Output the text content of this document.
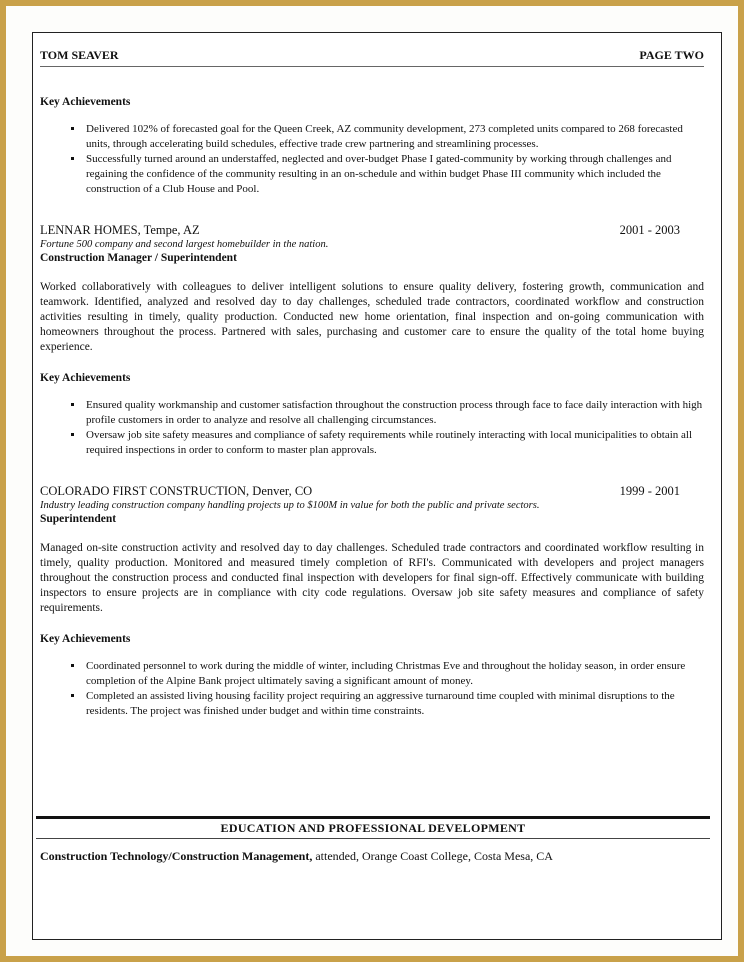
TOM SEAVER	PAGE TWO

Key Achievements

▪ Delivered 102% of forecasted goal for the Queen Creek, AZ community development, 273 completed units compared to 268 forecasted units, through accelerating build schedules, effective trade crew partnering and streamlining processes.
▪ Successfully turned around an understaffed, neglected and over-budget Phase I gated-community by working through challenges and regaining the confidence of the community resulting in an on-schedule and within budget Phase III community which included the construction of a Club House and Pool.
LENNAR HOMES, Tempe, AZ	2001 - 2003
Fortune 500 company and second largest homebuilder in the nation.
Construction Manager / Superintendent
Worked collaboratively with colleagues to deliver intelligent solutions to ensure quality delivery, fostering growth, communication and teamwork. Identified, analyzed and resolved day to day challenges, scheduled trade contractors, coordinated workflow and construction activities resulting in timely, quality production. Conducted new home orientation, final inspection and on-going communication with homeowners throughout the process. Partnered with sales, purchasing and customer care to ensure the quality of the total home buying experience.

Key Achievements

▪ Ensured quality workmanship and customer satisfaction throughout the construction process through face to face daily interaction with high profile customers in order to analyze and resolve all challenging circumstances.
▪ Oversaw job site safety measures and compliance of safety requirements while routinely interacting with local municipalities to obtain all required inspections in order to conform to master plan approvals.
COLORADO FIRST CONSTRUCTION, Denver, CO	1999 - 2001
Industry leading construction company handling projects up to $100M in value for both the public and private sectors.
Superintendent
Managed on-site construction activity and resolved day to day challenges. Scheduled trade contractors and coordinated workflow resulting in timely, quality production. Monitored and measured timely completion of RFI's. Communicated with developers and project managers throughout the construction process and conducted final inspection with developers for final sign-off. Effectively communicate with building inspectors to ensure projects are in compliance with city code regulations. Oversaw job site safety measures and compliance of safety requirements.

Key Achievements

▪ Coordinated personnel to work during the middle of winter, including Christmas Eve and throughout the holiday season, in order ensure completion of the Alpine Bank project ultimately saving a significant amount of money.
▪ Completed an assisted living housing facility project requiring an aggressive turnaround time coupled with minimal disruptions to the residents. The project was finished under budget and within time constraints.
EDUCATION AND PROFESSIONAL DEVELOPMENT
Construction Technology/Construction Management, attended, Orange Coast College, Costa Mesa, CA
